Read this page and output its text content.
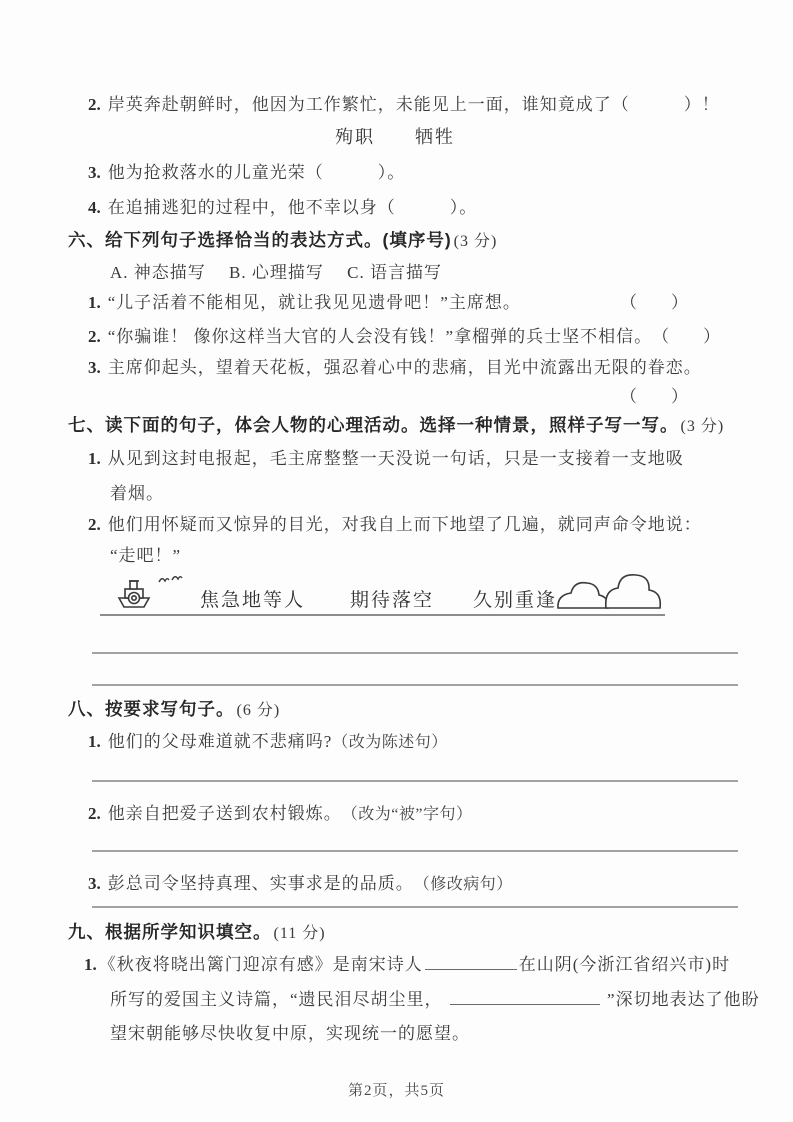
2. 岸英奔赴朝鲜时，他因为工作繁忙，未能见上一面，谁知竟成了（　　　）！
殉职　　牺牲
3. 他为抢救落水的儿童光荣（　　　）。
4. 在追捕逃犯的过程中，他不幸以身（　　　）。
六、给下列句子选择恰当的表达方式。(填序号) (3 分)
A. 神态描写　 B. 心理描写　 C. 语言描写
1. “儿子活着不能相见，就让我见见遗骨吧！”主席想。	（　　）
2. “你骗谁！ 像你这样当大官的人会没有钱！”拿榴弹的兵士坚不相信。 （　　）
3. 主席仰起头，望着天花板，强忍着心中的悲痛，目光中流露出无限的眷恋。
（　　）
七、读下面的句子，体会人物的心理活动。选择一种情景，照样子写一写。 (3 分)
1. 从见到这封电报起，毛主席整整一天没说一句话，只是一支接着一支地吸
着烟。
2. 他们用怀疑而又惊异的目光，对我自上而下地望了几遍，就同声命令地说：
“走吧！”
焦急地等人 期待落空 久别重逢
八、按要求写句子。 (6 分)
1. 他们的父母难道就不悲痛吗? （改为陈述句）
2. 他亲自把爱子送到农村锻炼。 （改为“被”字句）
3. 彭总司令坚持真理、实事求是的品质。 （修改病句）
九、根据所学知识填空。 (11 分)
1. 《秋夜将晓出篱门迎凉有感》是南宋诗人	在山阴(今浙江省绍兴市)时
所写的爱国主义诗篇，“遗民泪尽胡尘里，	”深切地表达了他盼
望宋朝能够尽快收复中原，实现统一的愿望。
第2页，共5页
